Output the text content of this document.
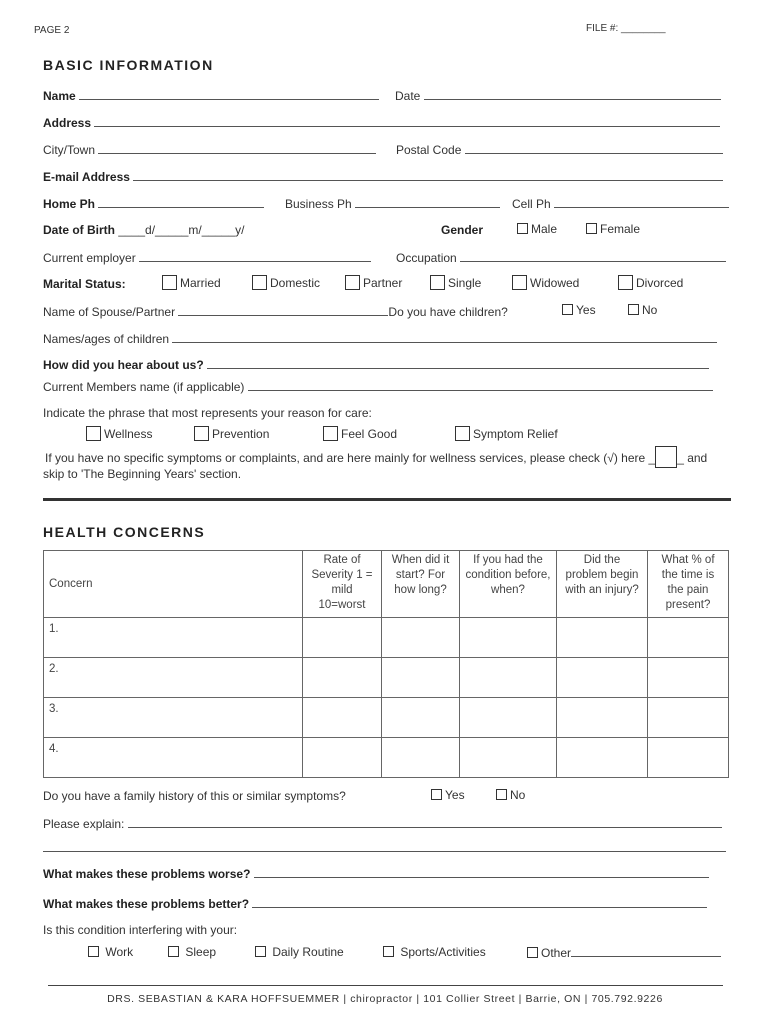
PAGE 2	FILE #: ________
BASIC INFORMATION
Name	Date
Address
City/Town	Postal Code
E-mail Address
Home Ph	Business Ph	Cell Ph
Date of Birth ____d/_____m/_____y/	Gender	Male	Female
Current employer	Occupation
Marital Status:	Married	Domestic	Partner	Single	Widowed	Divorced
Name of Spouse/Partner	Do you have children?	Yes	No
Names/ages of children
How did you hear about us?
Current Members name (if applicable)
Indicate the phrase that most represents your reason for care:
Wellness	Prevention	Feel Good	Symptom Relief
If you have no specific symptoms or complaints, and are here mainly for wellness services, please check (√) here _ _ and
skip to 'The Beginning Years' section.
HEALTH CONCERNS
Concern	Rate of Severity 1 = mild 10=worst	When did it start? For how long?	If you had the condition before, when?	Did the problem begin with an injury?	What % of the time is the pain present?
1.					
2.					
3.					
4.					
Do you have a family history of this or similar symptoms?	Yes	No
Please explain:
What makes these problems worse?
What makes these problems better?
Is this condition interfering with your:
Work	Sleep	Daily Routine	Sports/Activities	Other
DRS. SEBASTIAN & KARA HOFFSUEMMER | chiropractor | 101 Collier Street | Barrie, ON | 705.792.9226
